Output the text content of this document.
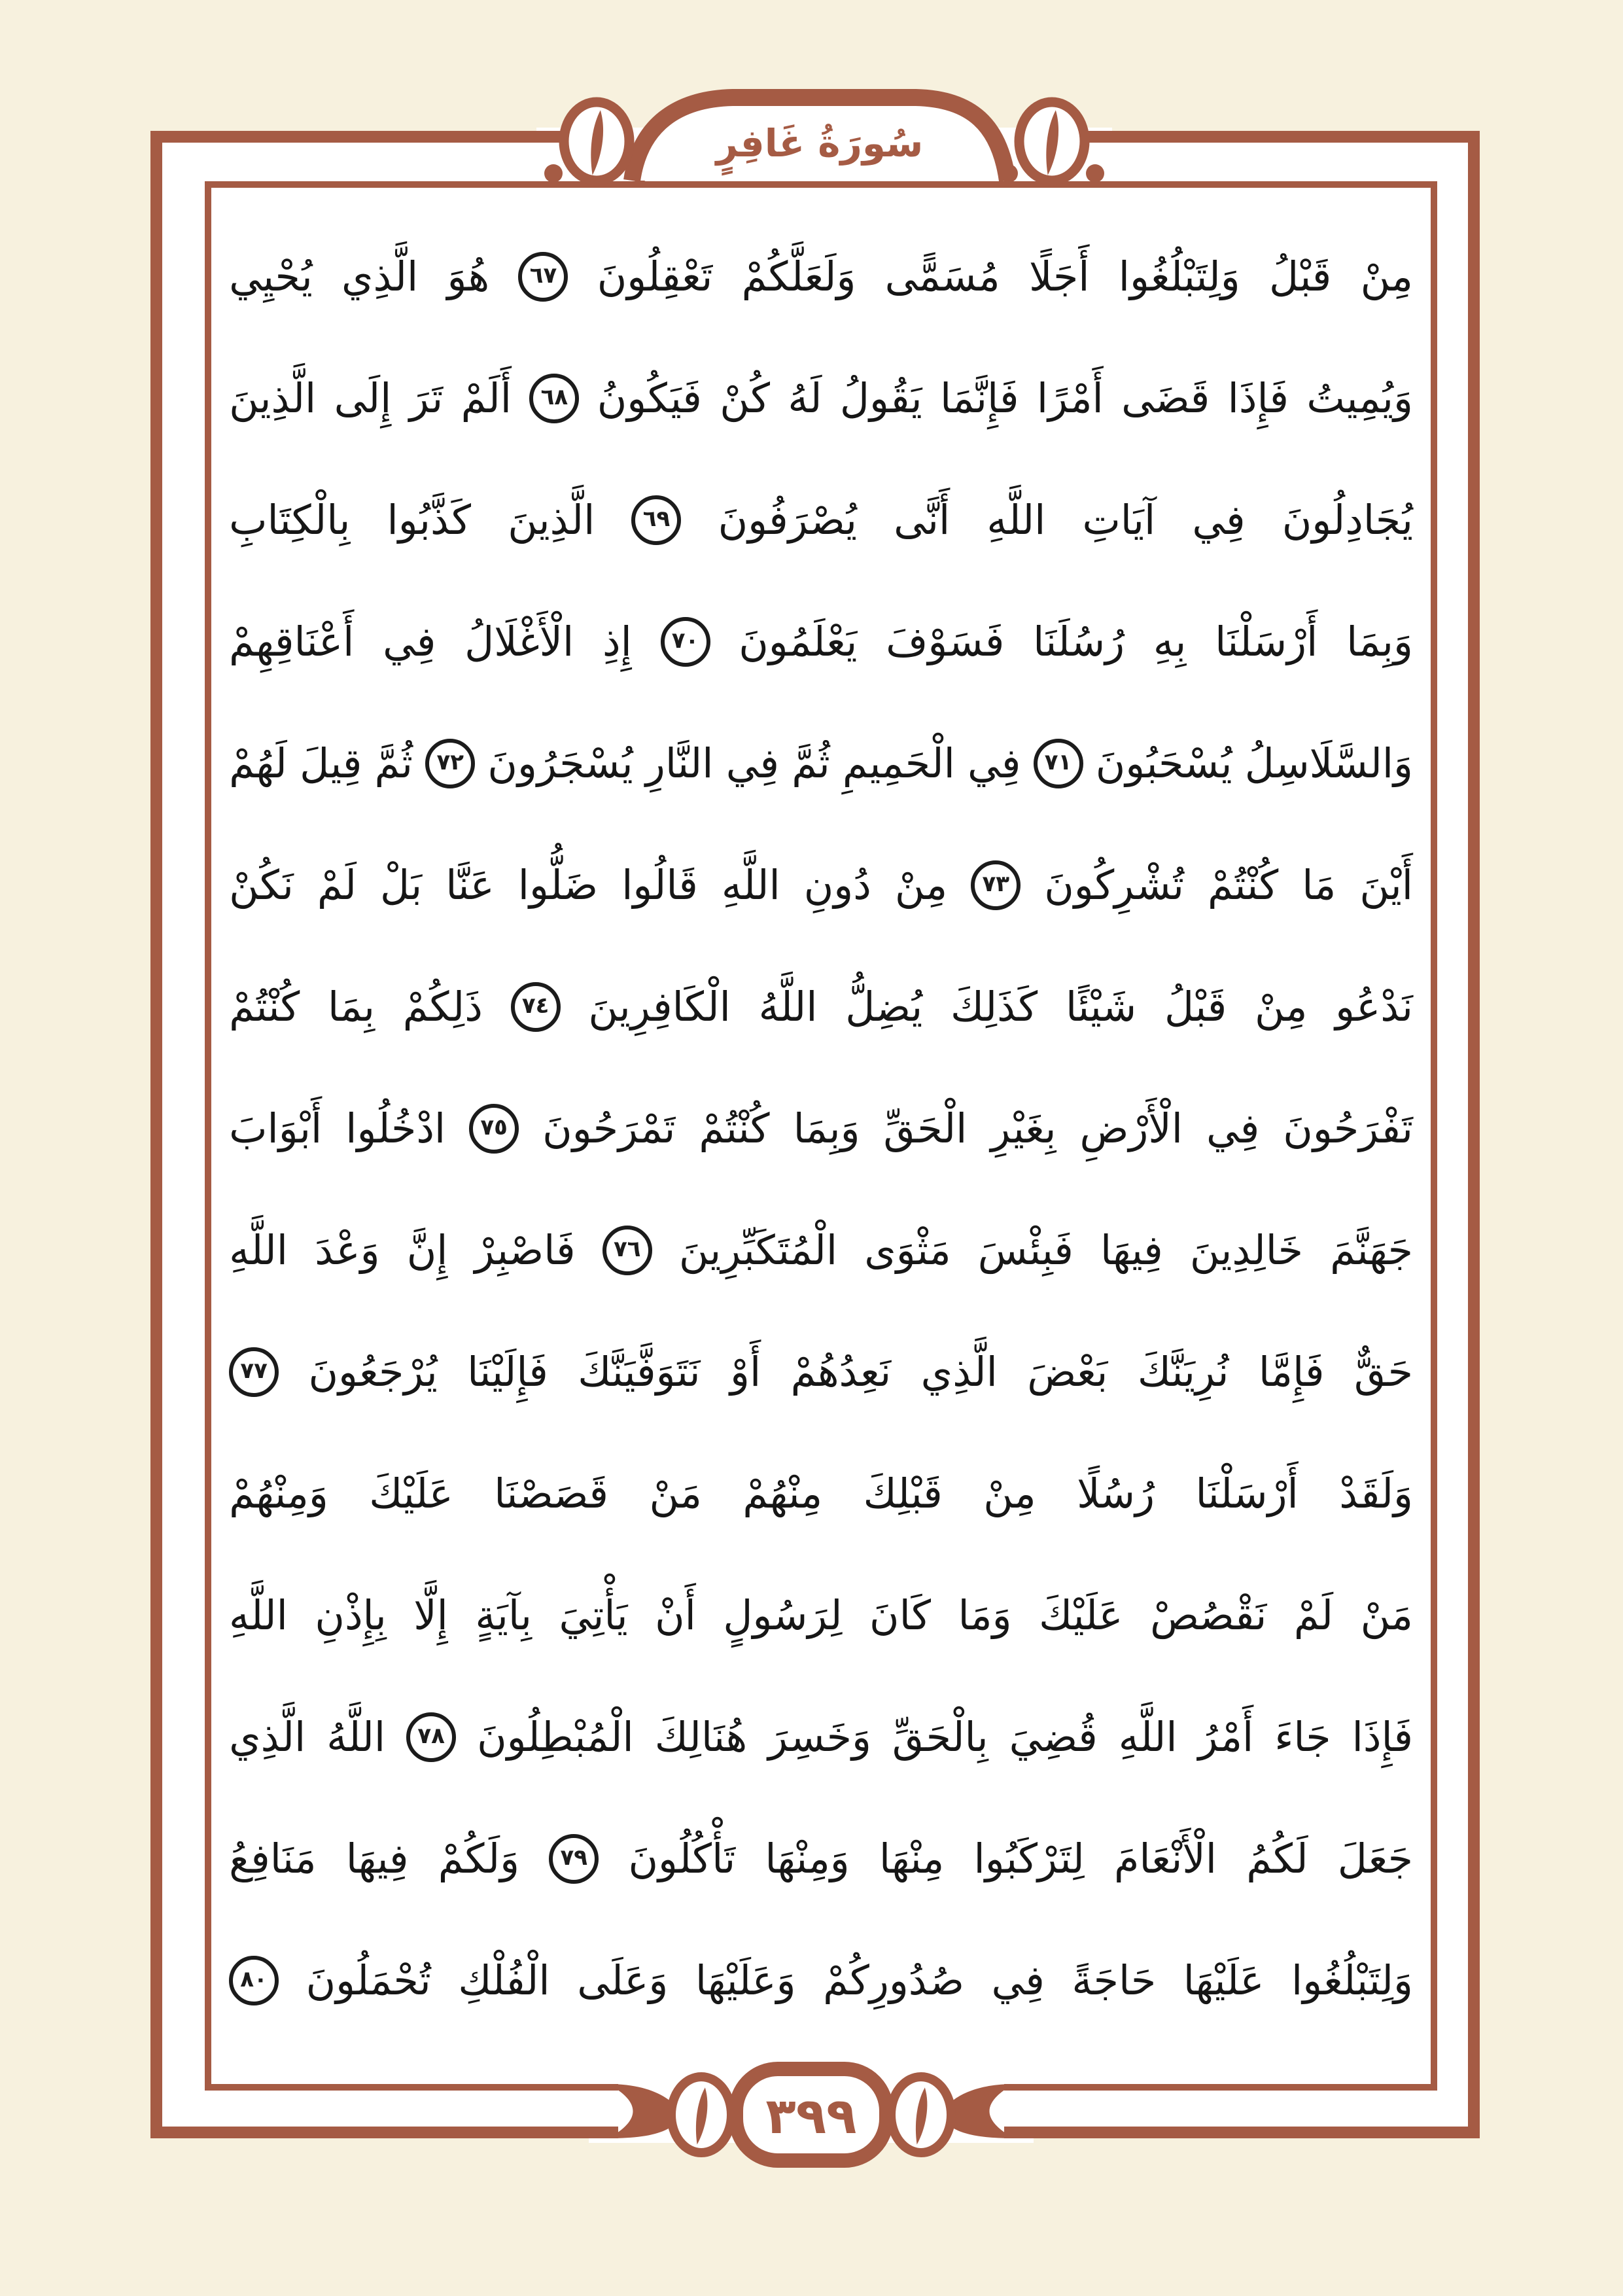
سُورَةُ غَافِرٍ
مِنْ
قَبْلُ
وَلِتَبْلُغُوا
أَجَلًا
مُسَمًّى
وَلَعَلَّكُمْ
تَعْقِلُونَ
٦٧
هُوَ
الَّذِي
يُحْيِي
وَيُمِيتُ
فَإِذَا
قَضَى
أَمْرًا
فَإِنَّمَا
يَقُولُ
لَهُ
كُنْ
فَيَكُونُ
٦٨
أَلَمْ
تَرَ
إِلَى
الَّذِينَ
يُجَادِلُونَ
فِي
آيَاتِ
اللَّهِ
أَنَّى
يُصْرَفُونَ
٦٩
الَّذِينَ
كَذَّبُوا
بِالْكِتَابِ
وَبِمَا
أَرْسَلْنَا
بِهِ
رُسُلَنَا
فَسَوْفَ
يَعْلَمُونَ
٧٠
إِذِ
الْأَغْلَالُ
فِي
أَعْنَاقِهِمْ
وَالسَّلَاسِلُ
يُسْحَبُونَ
٧١
فِي
الْحَمِيمِ
ثُمَّ
فِي
النَّارِ
يُسْجَرُونَ
٧٢
ثُمَّ
قِيلَ
لَهُمْ
أَيْنَ
مَا
كُنْتُمْ
تُشْرِكُونَ
٧٣
مِنْ
دُونِ
اللَّهِ
قَالُوا
ضَلُّوا
عَنَّا
بَلْ
لَمْ
نَكُنْ
نَدْعُو
مِنْ
قَبْلُ
شَيْئًا
كَذَلِكَ
يُضِلُّ
اللَّهُ
الْكَافِرِينَ
٧٤
ذَلِكُمْ
بِمَا
كُنْتُمْ
تَفْرَحُونَ
فِي
الْأَرْضِ
بِغَيْرِ
الْحَقِّ
وَبِمَا
كُنْتُمْ
تَمْرَحُونَ
٧٥
ادْخُلُوا
أَبْوَابَ
جَهَنَّمَ
خَالِدِينَ
فِيهَا
فَبِئْسَ
مَثْوَى
الْمُتَكَبِّرِينَ
٧٦
فَاصْبِرْ
إِنَّ
وَعْدَ
اللَّهِ
حَقٌّ
فَإِمَّا
نُرِيَنَّكَ
بَعْضَ
الَّذِي
نَعِدُهُمْ
أَوْ
نَتَوَفَّيَنَّكَ
فَإِلَيْنَا
يُرْجَعُونَ
٧٧
وَلَقَدْ
أَرْسَلْنَا
رُسُلًا
مِنْ
قَبْلِكَ
مِنْهُمْ
مَنْ
قَصَصْنَا
عَلَيْكَ
وَمِنْهُمْ
مَنْ
لَمْ
نَقْصُصْ
عَلَيْكَ
وَمَا
كَانَ
لِرَسُولٍ
أَنْ
يَأْتِيَ
بِآيَةٍ
إِلَّا
بِإِذْنِ
اللَّهِ
فَإِذَا
جَاءَ
أَمْرُ
اللَّهِ
قُضِيَ
بِالْحَقِّ
وَخَسِرَ
هُنَالِكَ
الْمُبْطِلُونَ
٧٨
اللَّهُ
الَّذِي
جَعَلَ
لَكُمُ
الْأَنْعَامَ
لِتَرْكَبُوا
مِنْهَا
وَمِنْهَا
تَأْكُلُونَ
٧٩
وَلَكُمْ
فِيهَا
مَنَافِعُ
وَلِتَبْلُغُوا
عَلَيْهَا
حَاجَةً
فِي
صُدُورِكُمْ
وَعَلَيْهَا
وَعَلَى
الْفُلْكِ
تُحْمَلُونَ
٨٠
٣٩٩
